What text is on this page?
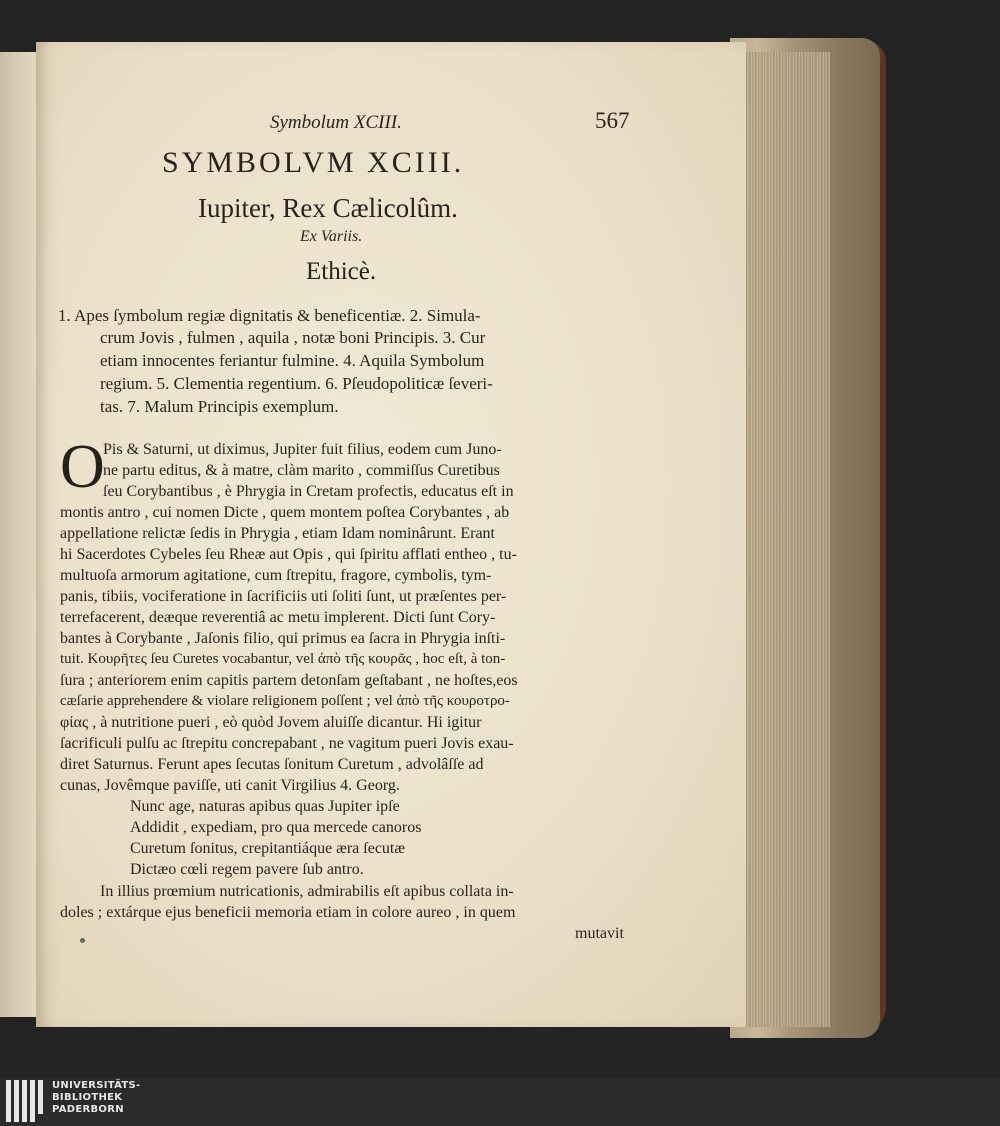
Symbolum XCIII.	567
SYMBOLVM XCIII.
Iupiter, Rex Cælicolûm.
Ex Variis.
Ethicè.
1. Apes ſymbolum regiæ dignitatis & beneficentiæ. 2. Simula-
crum Jovis , fulmen , aquila , notæ boni Principis. 3. Cur
etiam innocentes feriantur fulmine. 4. Aquila Symbolum
regium. 5. Clementia regentium. 6. Pſeudopoliticæ ſeveri-
tas. 7. Malum Principis exemplum.
O
Pis & Saturni, ut diximus, Jupiter fuit filius, eodem cum Juno-
ne partu editus, & à matre, clàm marito , commiſſus Curetibus
ſeu Corybantibus , è Phrygia in Cretam profectis, educatus eſt in
montis antro , cui nomen Dicte , quem montem poſtea Corybantes , ab
appellatione relictæ ſedis in Phrygia , etiam Idam nominârunt. Erant
hi Sacerdotes Cybeles ſeu Rheæ aut Opis , qui ſpiritu afflati entheo , tu-
multuoſa armorum agitatione, cum ſtrepitu, fragore, cymbolis, tym-
panis, tibiis, vociferatione in ſacrificiis uti ſoliti ſunt, ut præſentes per-
terrefacerent, deæque reverentiâ ac metu implerent. Dicti ſunt Cory-
bantes à Corybante , Jaſonis filio, qui primus ea ſacra in Phrygia inſti-
tuit. Κουρῆτες ſeu Curetes vocabantur, vel ἀπὸ τῆς κουρᾶς , hoc eſt, à ton-
ſura ; anteriorem enim capitis partem detonſam geſtabant , ne hoſtes,eos
cæſarie apprehendere & violare religionem poſſent ; vel ἀπὸ τῆς κουροτρο-
φίας , à nutritione pueri , eò quòd Jovem aluiſſe dicantur. Hi igitur
ſacrificuli pulſu ac ſtrepitu concrepabant , ne vagitum pueri Jovis exau-
diret Saturnus. Ferunt apes ſecutas ſonitum Curetum , advolâſſe ad
cunas, Jovêmque paviſſe, uti canit Virgilius 4. Georg.
Nunc age, naturas apibus quas Jupiter ipſe
Addidit , expediam, pro qua mercede canoros
Curetum ſonitus, crepitantiáque æra ſecutæ
Dictæo cœli regem pavere ſub antro.
In illius prœmium nutricationis, admirabilis eſt apibus collata in-
doles ; extárque ejus beneficii memoria etiam in colore aureo , in quem
mutavit
UNIVERSITÄTS-
BIBLIOTHEK
PADERBORN
